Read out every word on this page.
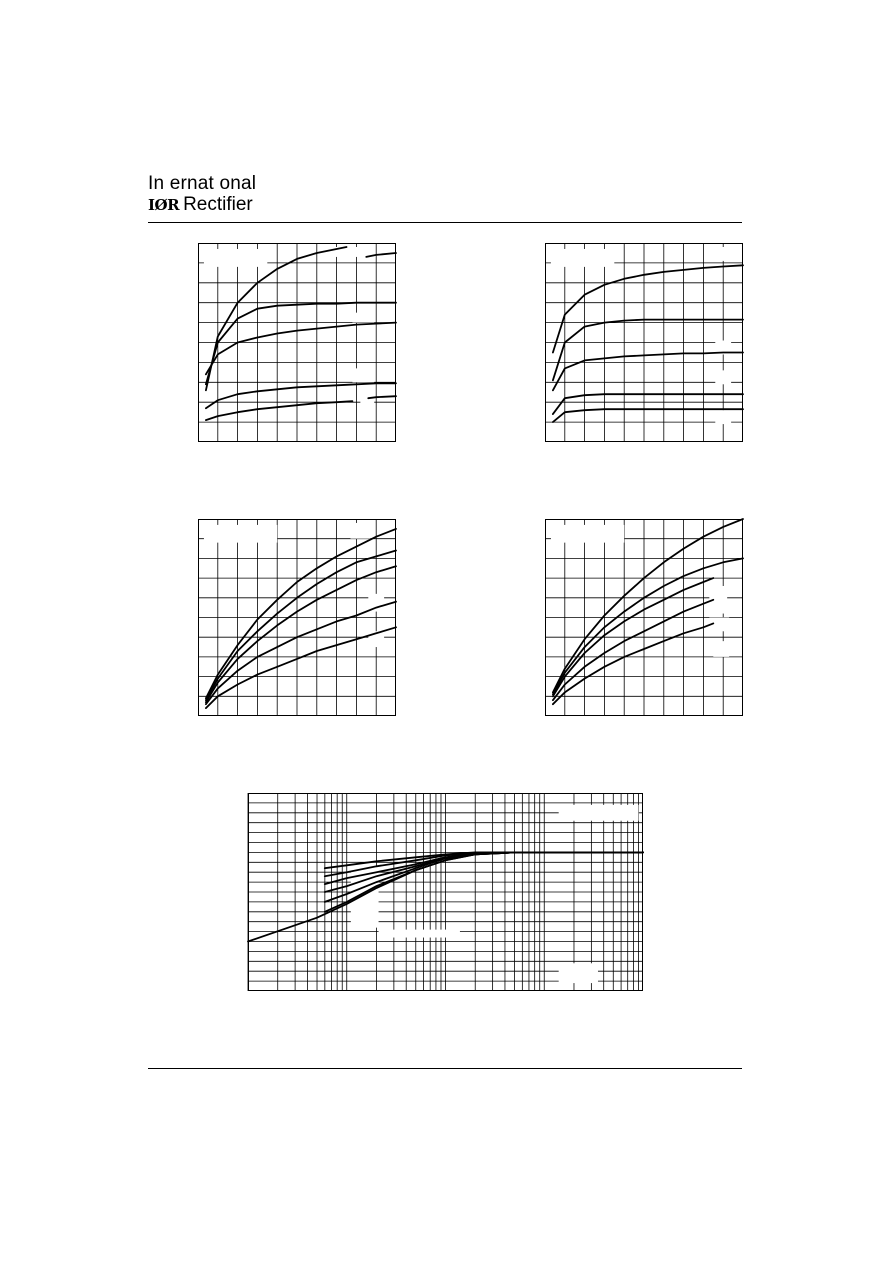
In ernat onal
IØR Rectifier
